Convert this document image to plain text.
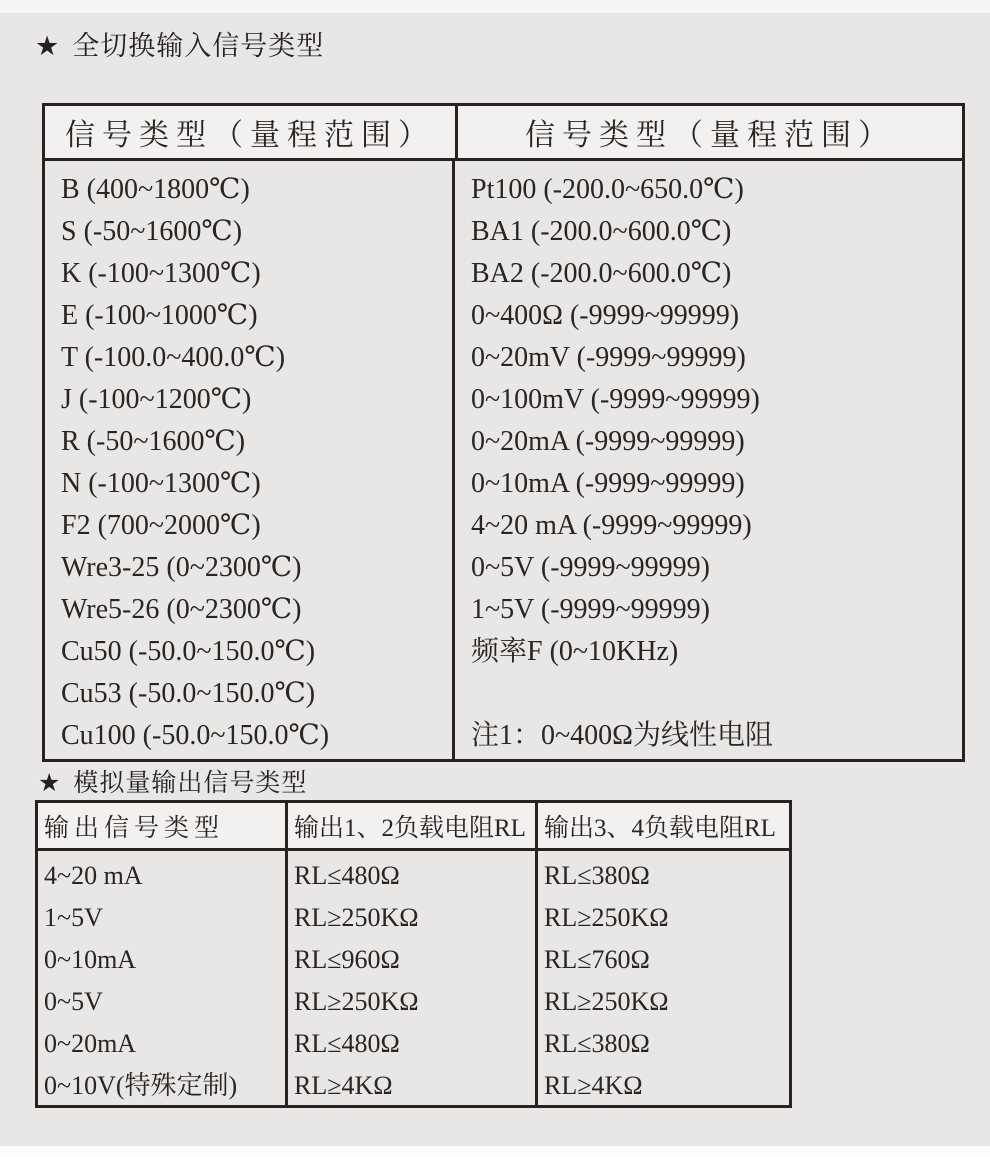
★ 全切换输入信号类型
信号类型（量程范围）	信号类型（量程范围）
B (400~1800℃)
S (-50~1600℃)
K (-100~1300℃)
E (-100~1000℃)
T (-100.0~400.0℃)
J (-100~1200℃)
R (-50~1600℃)
N (-100~1300℃)
F2 (700~2000℃)
Wre3-25 (0~2300℃)
Wre5-26 (0~2300℃)
Cu50 (-50.0~150.0℃)
Cu53 (-50.0~150.0℃)
Cu100 (-50.0~150.0℃)
Pt100 (-200.0~650.0℃)
BA1 (-200.0~600.0℃)
BA2 (-200.0~600.0℃)
0~400Ω (-9999~99999)
0~20mV (-9999~99999)
0~100mV (-9999~99999)
0~20mA (-9999~99999)
0~10mA (-9999~99999)
4~20 mA (-9999~99999)
0~5V (-9999~99999)
1~5V (-9999~99999)
频率F (0~10KHz)
注1：0~400Ω为线性电阻
★ 模拟量输出信号类型
输出信号类型	输出1、2负载电阻RL 输出3、4负载电阻RL
4~20 mA
1~5V
0~10mA
0~5V
0~20mA
0~10V(特殊定制)
RL≤480Ω
RL≥250KΩ
RL≤960Ω
RL≥250KΩ
RL≤480Ω
RL≥4KΩ
RL≤380Ω
RL≥250KΩ
RL≤760Ω
RL≥250KΩ
RL≤380Ω
RL≥4KΩ
